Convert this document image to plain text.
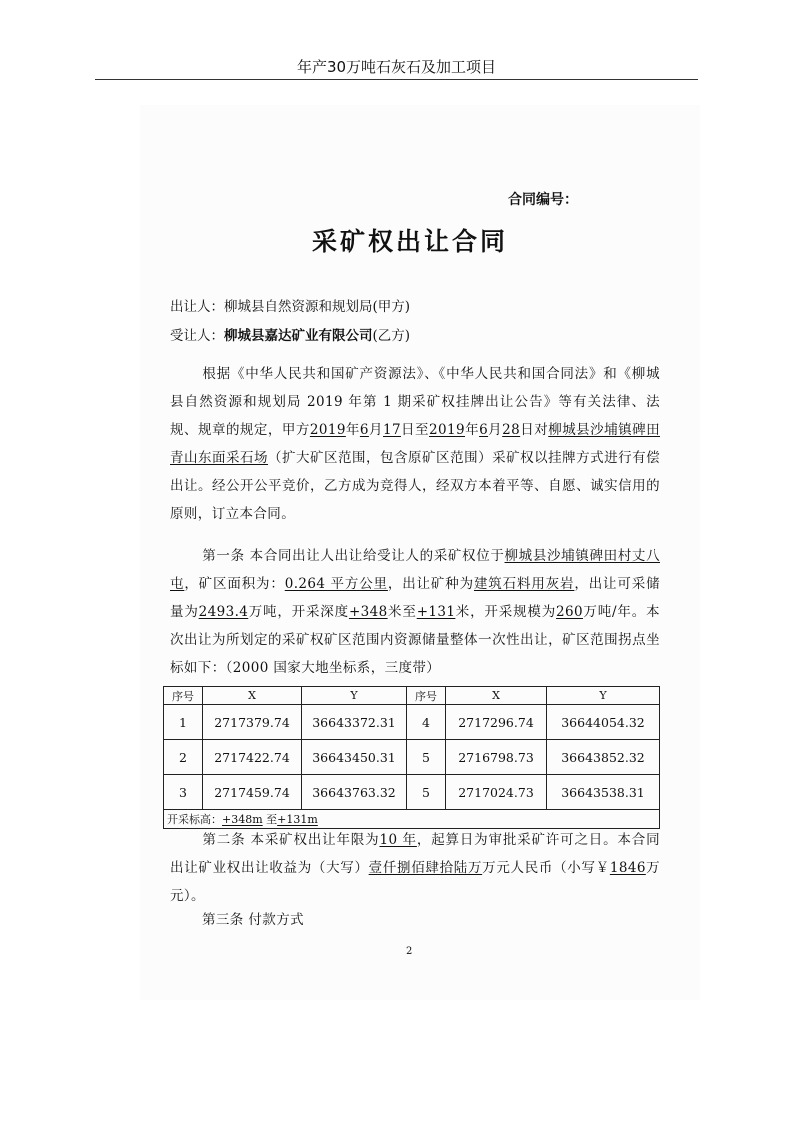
年产30万吨石灰石及加工项目
合同编号：
采矿权出让合同
出让人：柳城县自然资源和规划局(甲方)
受让人：柳城县嘉达矿业有限公司(乙方)
根据《中华人民共和国矿产资源法》、《中华人民共和国合同法》和《柳城县自然资源和规划局 2019 年第 1 期采矿权挂牌出让公告》等有关法律、法规、规章的规定，甲方2019年6月17日至2019年6月28日对柳城县沙埔镇碑田青山东面采石场（扩大矿区范围，包含原矿区范围）采矿权以挂牌方式进行有偿出让。经公开公平竞价，乙方成为竞得人，经双方本着平等、自愿、诚实信用的原则，订立本合同。
第一条 本合同出让人出让给受让人的采矿权位于柳城县沙埔镇碑田村丈八屯，矿区面积为：0.264 平方公里，出让矿种为建筑石料用灰岩，出让可采储量为2493.4万吨，开采深度+348米至+131米，开采规模为260万吨/年。本次出让为所划定的采矿权矿区范围内资源储量整体一次性出让，矿区范围拐点坐标如下：（2000 国家大地坐标系，三度带）
序号	X	Y	序号	X	Y
1	2717379.74	36643372.31	4	2717296.74	36644054.32
2	2717422.74	36643450.31	5	2716798.73	36643852.32
3	2717459.74	36643763.32	5	2717024.73	36643538.31
开采标高：+348m 至+131m					
第二条 本采矿权出让年限为10 年，起算日为审批采矿许可之日。本合同出让矿业权出让收益为（大写）壹仟捌佰肆拾陆万万元人民币（小写￥1846万元）。
第三条 付款方式
2
